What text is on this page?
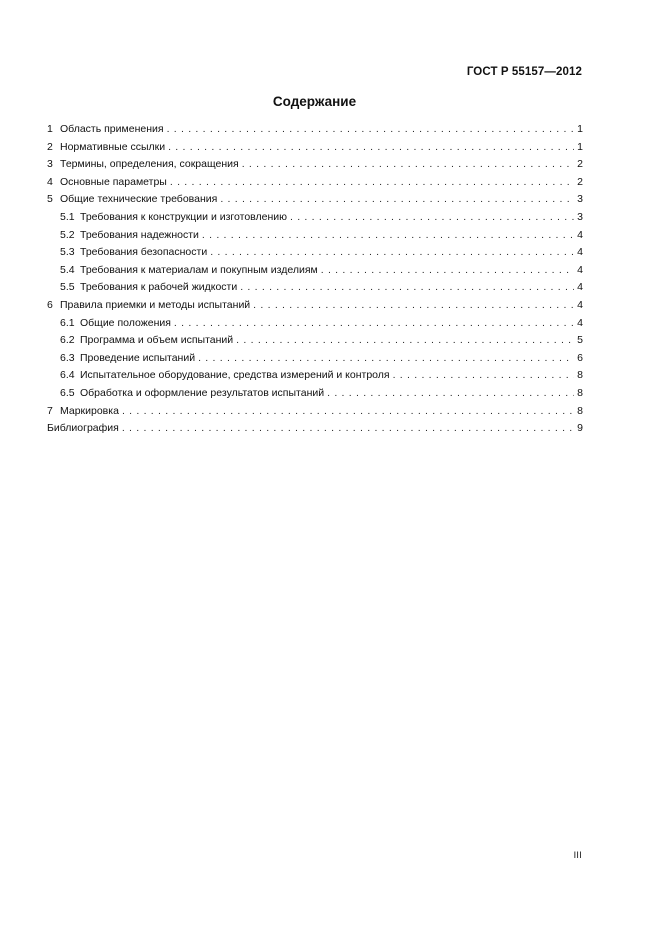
ГОСТ Р 55157—2012
Содержание
1 Область применения .....	1
2 Нормативные ссылки .....	1
3 Термины, определения, сокращения .....	2
4 Основные параметры .....	2
5 Общие технические требования .....	3
5.1 Требования к конструкции и изготовлению .....	3
5.2 Требования надежности .....	4
5.3 Требования безопасности .....	4
5.4 Требования к материалам и покупным изделиям .....	4
5.5 Требования к рабочей жидкости .....	4
6 Правила приемки и методы испытаний .....	4
6.1 Общие положения .....	4
6.2 Программа и объем испытаний .....	5
6.3 Проведение испытаний .....	6
6.4 Испытательное оборудование, средства измерений и контроля .....	8
6.5 Обработка и оформление результатов испытаний .....	8
7 Маркировка .....	8
Библиография .....	9
III
